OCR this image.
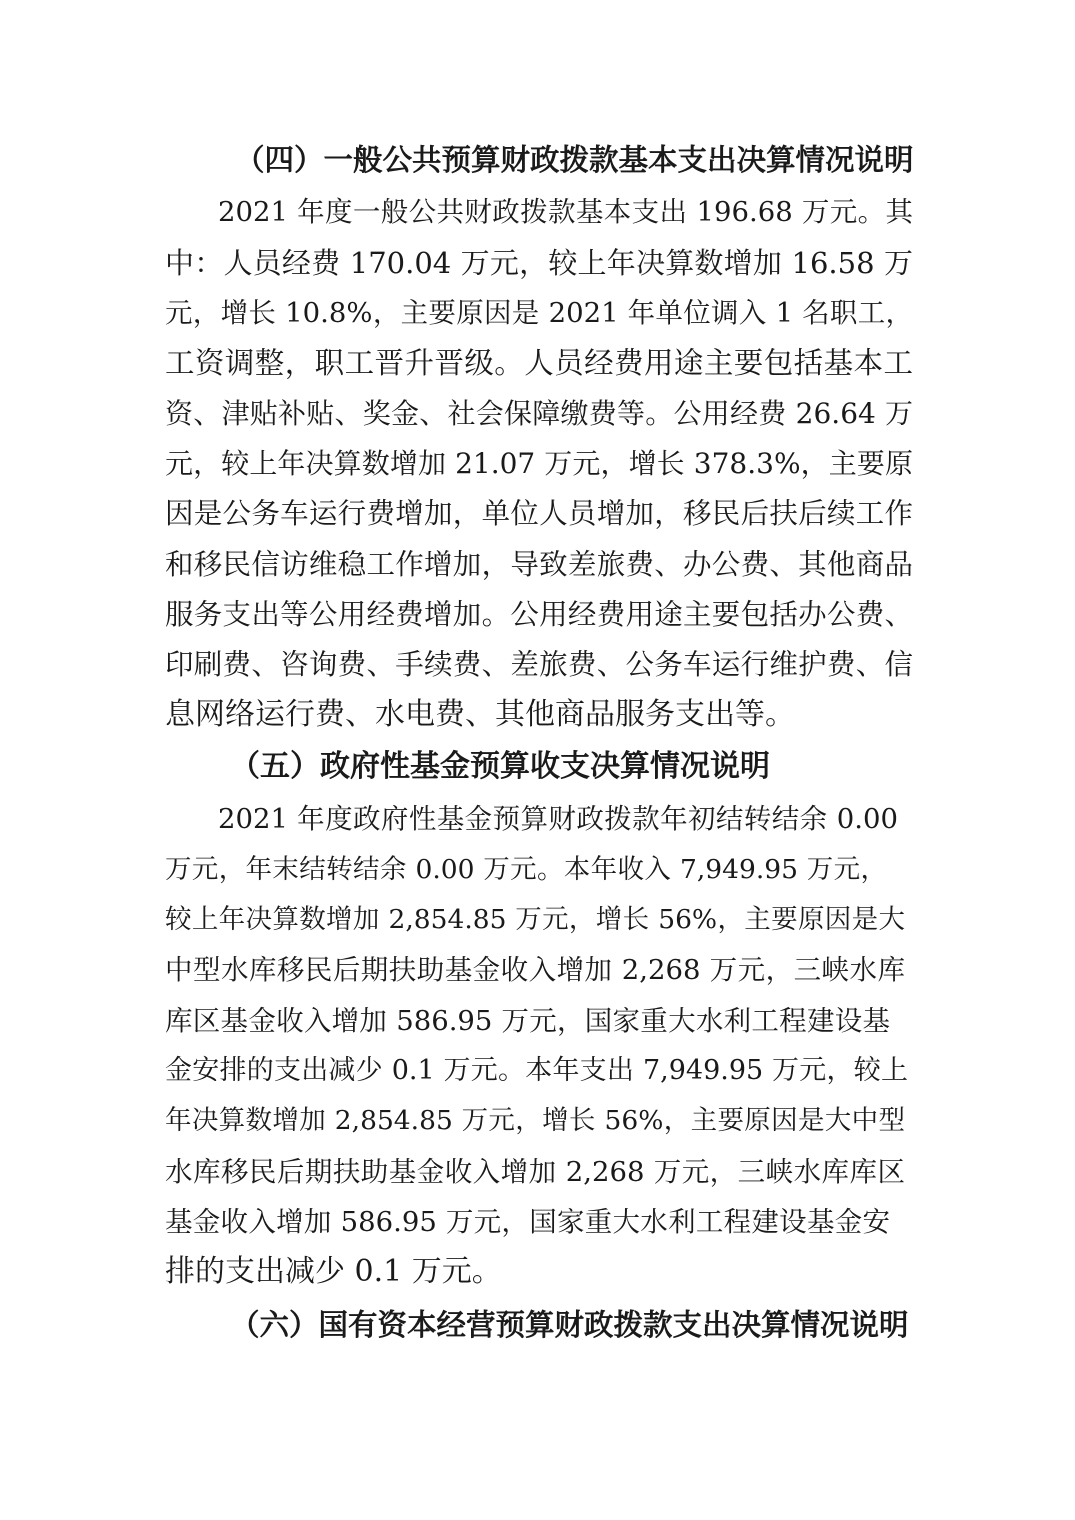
（四）一般公共预算财政拨款基本支出决算情况说明
2021 年度一般公共财政拨款基本支出 196.68 万元。其
中：人员经费 170.04 万元，较上年决算数增加 16.58 万
元，增长 10.8%，主要原因是 2021 年单位调入 1 名职工，
工资调整，职工晋升晋级。人员经费用途主要包括基本工
资、津贴补贴、奖金、社会保障缴费等。公用经费 26.64 万
元，较上年决算数增加 21.07 万元，增长 378.3%，主要原
因是公务车运行费增加，单位人员增加，移民后扶后续工作
和移民信访维稳工作增加，导致差旅费、办公费、其他商品
服务支出等公用经费增加。公用经费用途主要包括办公费、
印刷费、咨询费、手续费、差旅费、公务车运行维护费、信
息网络运行费、水电费、其他商品服务支出等。
（五）政府性基金预算收支决算情况说明
2021 年度政府性基金预算财政拨款年初结转结余 0.00
万元，年末结转结余 0.00 万元。本年收入 7,949.95 万元，
较上年决算数增加 2,854.85 万元，增长 56%，主要原因是大
中型水库移民后期扶助基金收入增加 2,268 万元，三峡水库
库区基金收入增加 586.95 万元，国家重大水利工程建设基
金安排的支出减少 0.1 万元。本年支出 7,949.95 万元，较上
年决算数增加 2,854.85 万元，增长 56%，主要原因是大中型
水库移民后期扶助基金收入增加 2,268 万元，三峡水库库区
基金收入增加 586.95 万元，国家重大水利工程建设基金安
排的支出减少 0.1 万元。
（六）国有资本经营预算财政拨款支出决算情况说明
